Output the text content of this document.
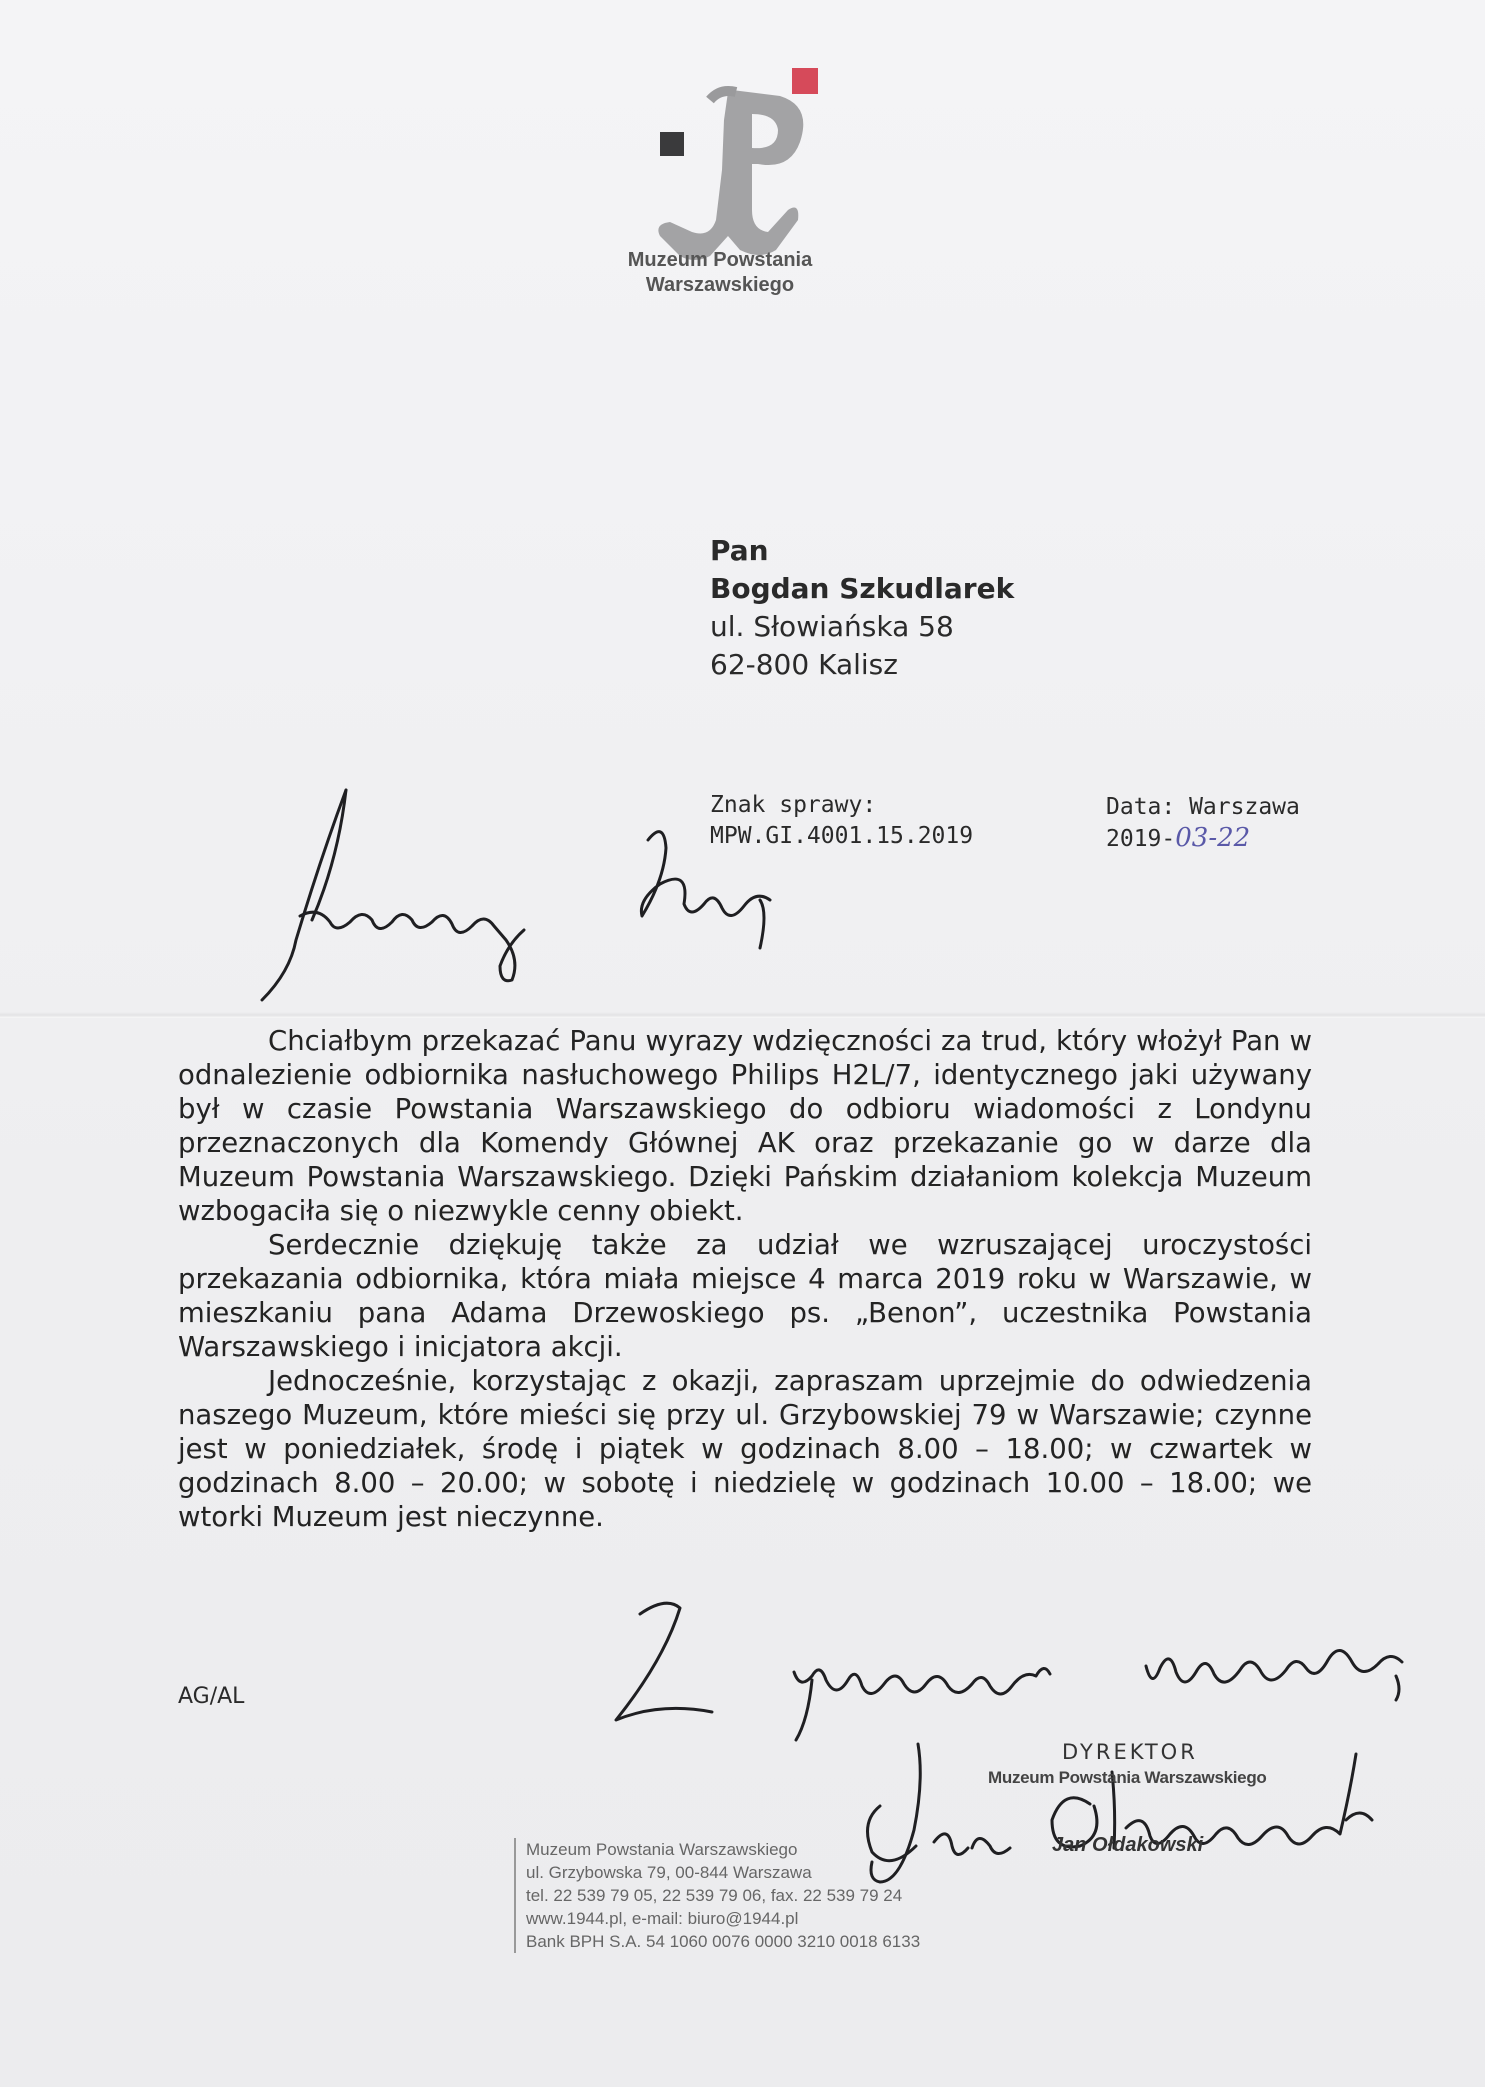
Muzeum Powstania
Warszawskiego
Pan
Bogdan Szkudlarek
ul. Słowiańska 58
62-800 Kalisz
Znak sprawy:
MPW.GI.4001.15.2019
Data: Warszawa
2019-03-22

Chciałbym przekazać Panu wyrazy wdzięczności za trud, który włożył Pan w odnalezienie odbiornika nasłuchowego Philips H2L/7, identycznego jaki używany był w czasie Powstania Warszawskiego do odbioru wiadomości z Londynu przeznaczonych dla Komendy Głównej AK oraz przekazanie go w darze dla Muzeum Powstania Warszawskiego. Dzięki Pańskim działaniom kolekcja Muzeum wzbogaciła się o niezwykle cenny obiekt.

Serdecznie dziękuję także za udział we wzruszającej uroczystości przekazania odbiornika, która miała miejsce 4 marca 2019 roku w Warszawie, w mieszkaniu pana Adama Drzewoskiego ps. „Benon”, uczestnika Powstania Warszawskiego i inicjatora akcji.

Jednocześnie, korzystając z okazji, zapraszam uprzejmie do odwiedzenia naszego Muzeum, które mieści się przy ul. Grzybowskiej 79 w Warszawie; czynne jest w poniedziałek, środę i piątek w godzinach 8.00 – 18.00; w czwartek w godzinach 8.00 – 20.00; w sobotę i niedzielę w godzinach 10.00 – 18.00; we wtorki Muzeum jest nieczynne.

AG/AL
DYREKTOR
Muzeum Powstania Warszawskiego
Jan Ołdakowski
Muzeum Powstania Warszawskiego
ul. Grzybowska 79, 00-844 Warszawa
tel. 22 539 79 05, 22 539 79 06, fax. 22 539 79 24
www.1944.pl, e-mail: biuro@1944.pl
Bank BPH S.A. 54 1060 0076 0000 3210 0018 6133
